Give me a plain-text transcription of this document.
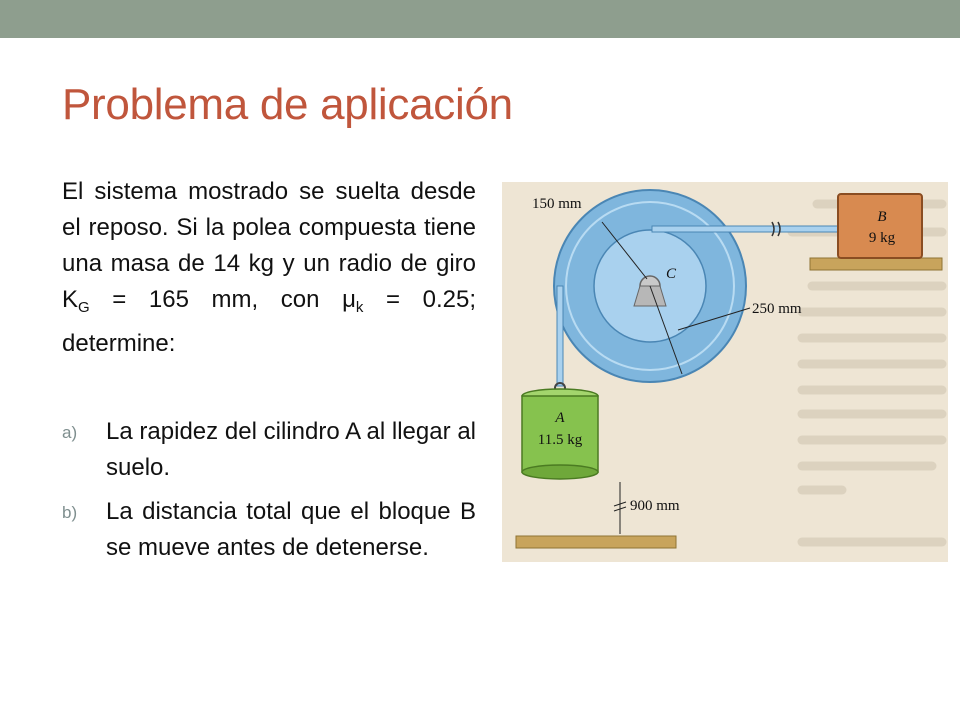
Problema de aplicación

El sistema mostrado se suelta desde el reposo. Si la polea compuesta tiene una masa de 14 kg y un radio de giro $K_G = 165$ mm, con $\mu_k = 0.25$; determine:

a) La rapidez del cilindro A al llegar al suelo.
b) La distancia total que el bloque B se mueve antes de detenerse.
B
9 kg
A
11.5 kg
900 mm
150 mm
250 mm
C
